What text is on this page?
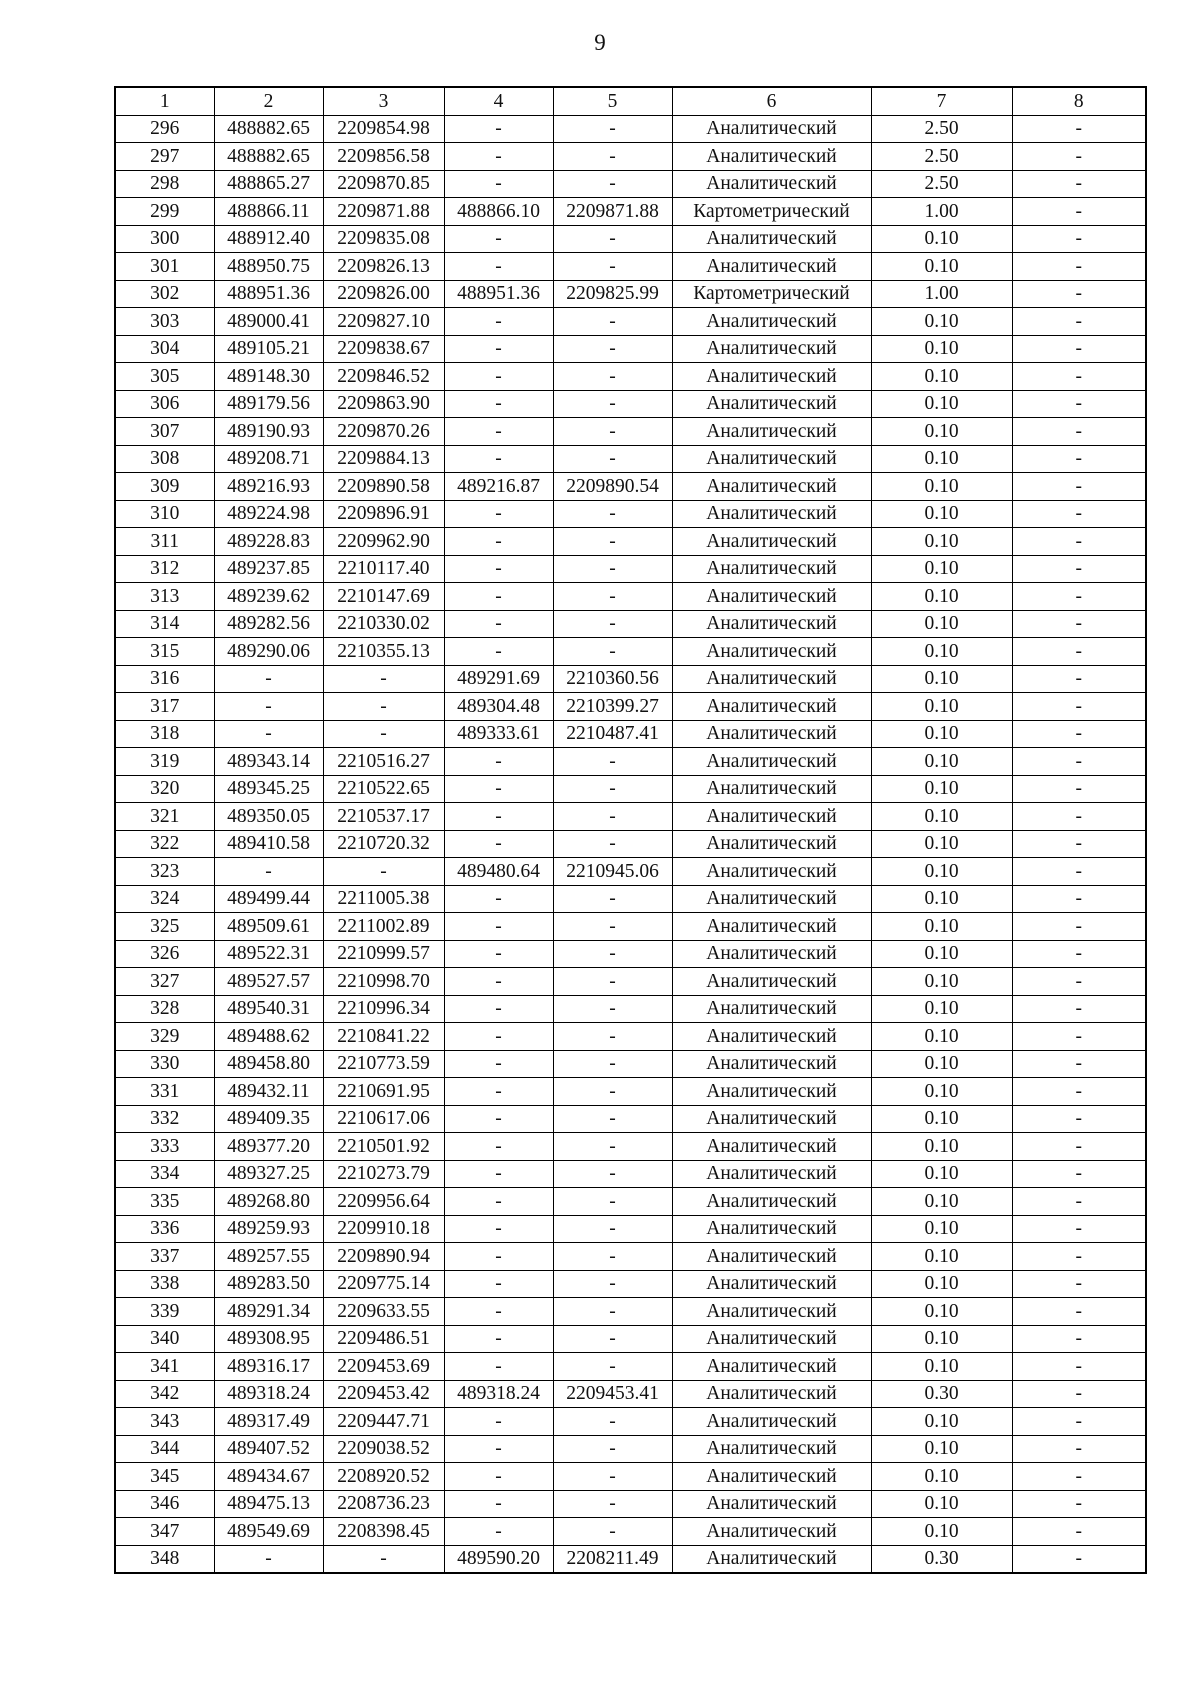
9
1	2	3	4	5	6	7	8
296	488882.65	2209854.98	-	-	Аналитический	2.50	-
297	488882.65	2209856.58	-	-	Аналитический	2.50	-
298	488865.27	2209870.85	-	-	Аналитический	2.50	-
299	488866.11	2209871.88	488866.10	2209871.88	Картометрический	1.00	-
300	488912.40	2209835.08	-	-	Аналитический	0.10	-
301	488950.75	2209826.13	-	-	Аналитический	0.10	-
302	488951.36	2209826.00	488951.36	2209825.99	Картометрический	1.00	-
303	489000.41	2209827.10	-	-	Аналитический	0.10	-
304	489105.21	2209838.67	-	-	Аналитический	0.10	-
305	489148.30	2209846.52	-	-	Аналитический	0.10	-
306	489179.56	2209863.90	-	-	Аналитический	0.10	-
307	489190.93	2209870.26	-	-	Аналитический	0.10	-
308	489208.71	2209884.13	-	-	Аналитический	0.10	-
309	489216.93	2209890.58	489216.87	2209890.54	Аналитический	0.10	-
310	489224.98	2209896.91	-	-	Аналитический	0.10	-
311	489228.83	2209962.90	-	-	Аналитический	0.10	-
312	489237.85	2210117.40	-	-	Аналитический	0.10	-
313	489239.62	2210147.69	-	-	Аналитический	0.10	-
314	489282.56	2210330.02	-	-	Аналитический	0.10	-
315	489290.06	2210355.13	-	-	Аналитический	0.10	-
316	-	-	489291.69	2210360.56	Аналитический	0.10	-
317	-	-	489304.48	2210399.27	Аналитический	0.10	-
318	-	-	489333.61	2210487.41	Аналитический	0.10	-
319	489343.14	2210516.27	-	-	Аналитический	0.10	-
320	489345.25	2210522.65	-	-	Аналитический	0.10	-
321	489350.05	2210537.17	-	-	Аналитический	0.10	-
322	489410.58	2210720.32	-	-	Аналитический	0.10	-
323	-	-	489480.64	2210945.06	Аналитический	0.10	-
324	489499.44	2211005.38	-	-	Аналитический	0.10	-
325	489509.61	2211002.89	-	-	Аналитический	0.10	-
326	489522.31	2210999.57	-	-	Аналитический	0.10	-
327	489527.57	2210998.70	-	-	Аналитический	0.10	-
328	489540.31	2210996.34	-	-	Аналитический	0.10	-
329	489488.62	2210841.22	-	-	Аналитический	0.10	-
330	489458.80	2210773.59	-	-	Аналитический	0.10	-
331	489432.11	2210691.95	-	-	Аналитический	0.10	-
332	489409.35	2210617.06	-	-	Аналитический	0.10	-
333	489377.20	2210501.92	-	-	Аналитический	0.10	-
334	489327.25	2210273.79	-	-	Аналитический	0.10	-
335	489268.80	2209956.64	-	-	Аналитический	0.10	-
336	489259.93	2209910.18	-	-	Аналитический	0.10	-
337	489257.55	2209890.94	-	-	Аналитический	0.10	-
338	489283.50	2209775.14	-	-	Аналитический	0.10	-
339	489291.34	2209633.55	-	-	Аналитический	0.10	-
340	489308.95	2209486.51	-	-	Аналитический	0.10	-
341	489316.17	2209453.69	-	-	Аналитический	0.10	-
342	489318.24	2209453.42	489318.24	2209453.41	Аналитический	0.30	-
343	489317.49	2209447.71	-	-	Аналитический	0.10	-
344	489407.52	2209038.52	-	-	Аналитический	0.10	-
345	489434.67	2208920.52	-	-	Аналитический	0.10	-
346	489475.13	2208736.23	-	-	Аналитический	0.10	-
347	489549.69	2208398.45	-	-	Аналитический	0.10	-
348	-	-	489590.20	2208211.49	Аналитический	0.30	-
